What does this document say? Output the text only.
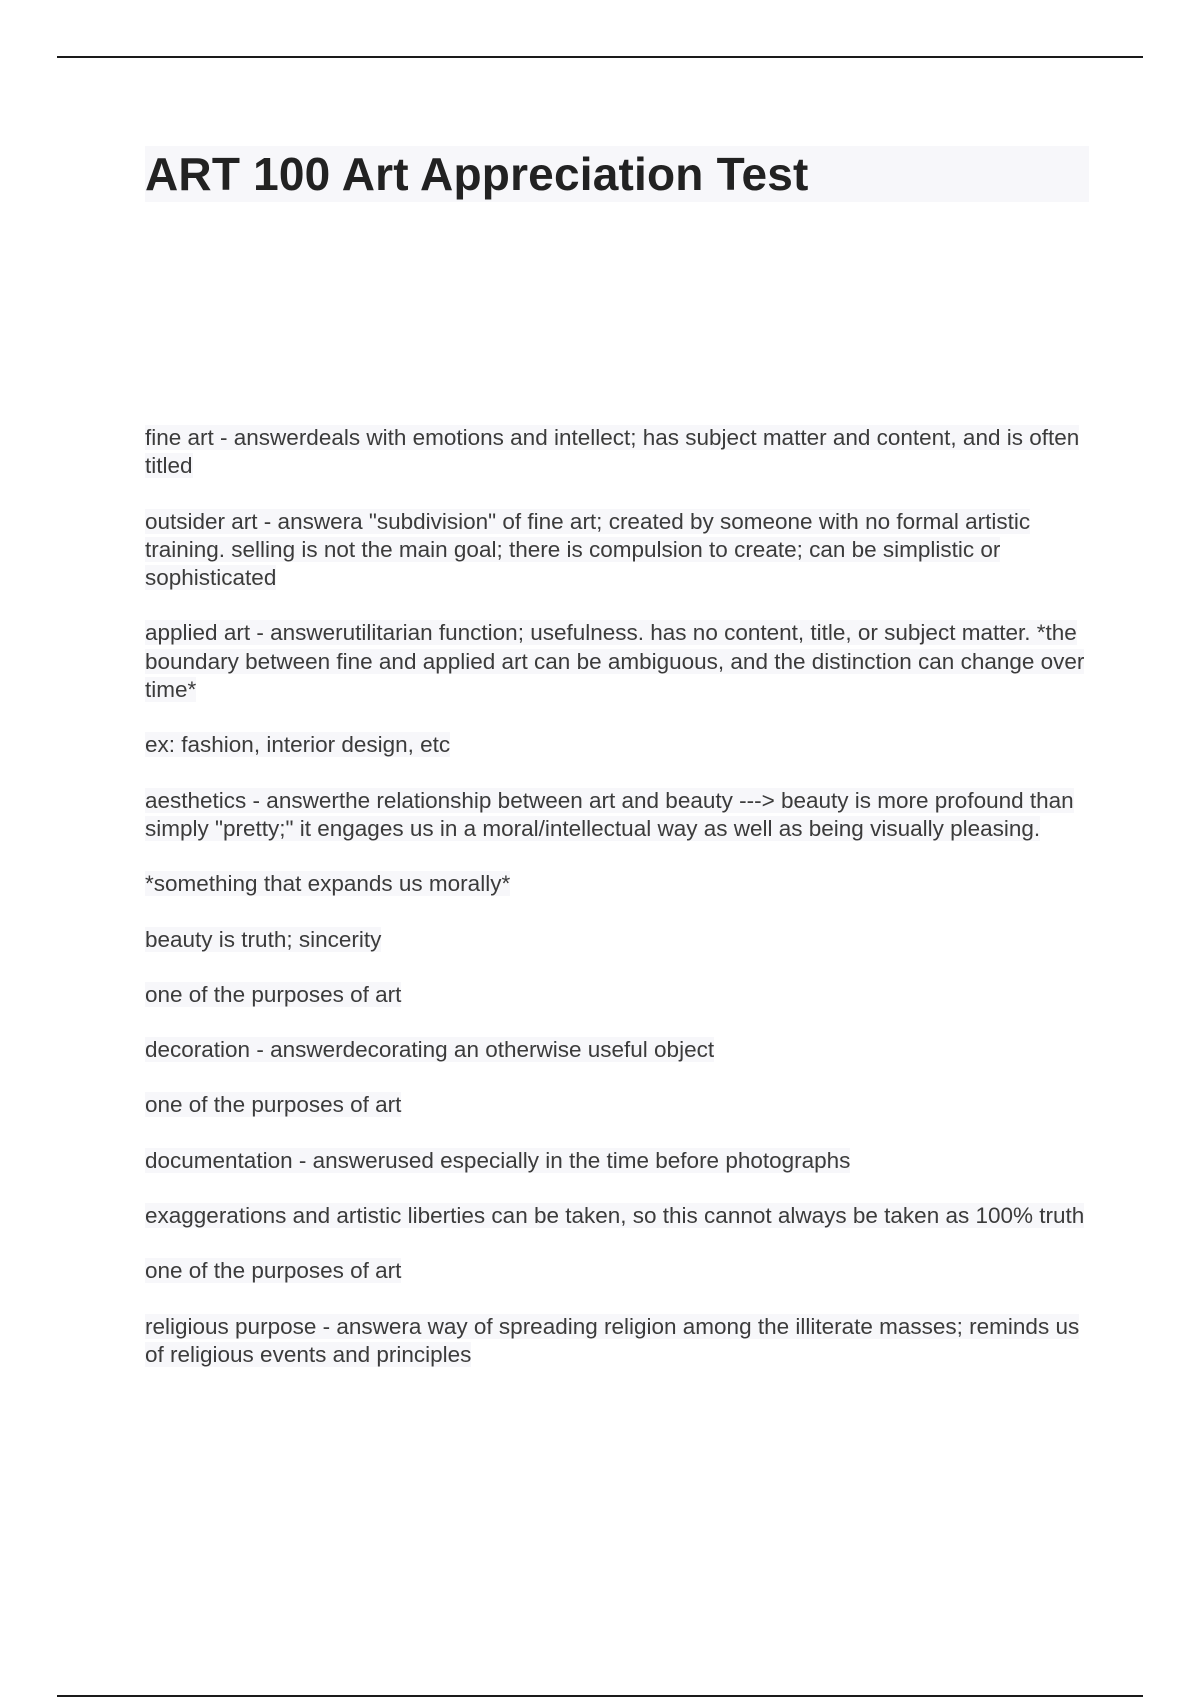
ART 100 Art Appreciation Test

fine art - answerdeals with emotions and intellect; has subject matter and content, and is often titled

outsider art - answera "subdivision" of fine art; created by someone with no formal artistic training. selling is not the main goal; there is compulsion to create; can be simplistic or sophisticated

applied art - answerutilitarian function; usefulness. has no content, title, or subject matter. *the boundary between fine and applied art can be ambiguous, and the distinction can change over time*

ex: fashion, interior design, etc

aesthetics - answerthe relationship between art and beauty ---> beauty is more profound than simply "pretty;" it engages us in a moral/intellectual way as well as being visually pleasing.

*something that expands us morally*

beauty is truth; sincerity

one of the purposes of art

decoration - answerdecorating an otherwise useful object

one of the purposes of art

documentation - answerused especially in the time before photographs

exaggerations and artistic liberties can be taken, so this cannot always be taken as 100% truth

one of the purposes of art

religious purpose - answera way of spreading religion among the illiterate masses; reminds us of religious events and principles
